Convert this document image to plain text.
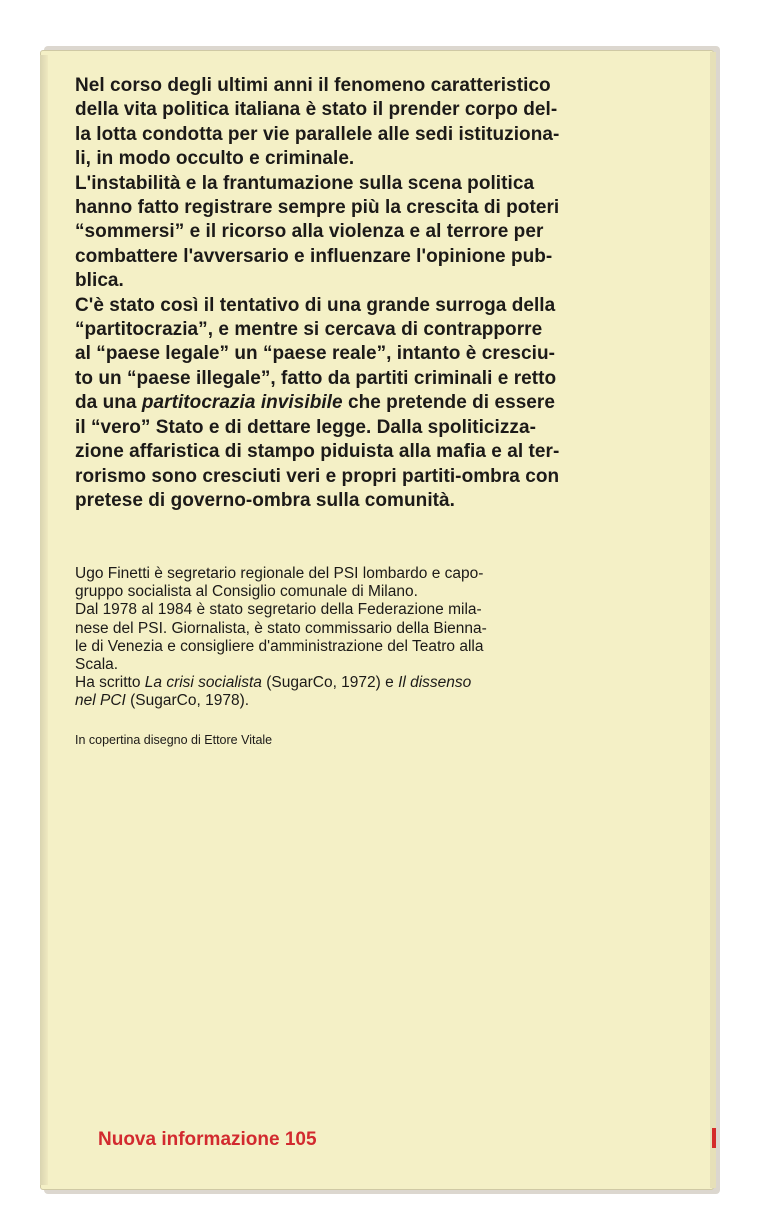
Nel corso degli ultimi anni il fenomeno caratteristico
della vita politica italiana è stato il prender corpo del-
la lotta condotta per vie parallele alle sedi istituziona-
li, in modo occulto e criminale.
L'instabilità e la frantumazione sulla scena politica
hanno fatto registrare sempre più la crescita di poteri
“sommersi” e il ricorso alla violenza e al terrore per
combattere l'avversario e influenzare l'opinione pub-
blica.
C'è stato così il tentativo di una grande surroga della
“partitocrazia”, e mentre si cercava di contrapporre
al “paese legale” un “paese reale”, intanto è cresciu-
to un “paese illegale”, fatto da partiti criminali e retto
da una partitocrazia invisibile che pretende di essere
il “vero” Stato e di dettare legge. Dalla spoliticizza-
zione affaristica di stampo piduista alla mafia e al ter-
rorismo sono cresciuti veri e propri partiti-ombra con
pretese di governo-ombra sulla comunità.

Ugo Finetti è segretario regionale del PSI lombardo e capo-
gruppo socialista al Consiglio comunale di Milano.
Dal 1978 al 1984 è stato segretario della Federazione mila-
nese del PSI. Giornalista, è stato commissario della Bienna-
le di Venezia e consigliere d'amministrazione del Teatro alla
Scala.
Ha scritto La crisi socialista (SugarCo, 1972) e Il dissenso
nel PCI (SugarCo, 1978).

In copertina disegno di Ettore Vitale
Nuova informazione 105
